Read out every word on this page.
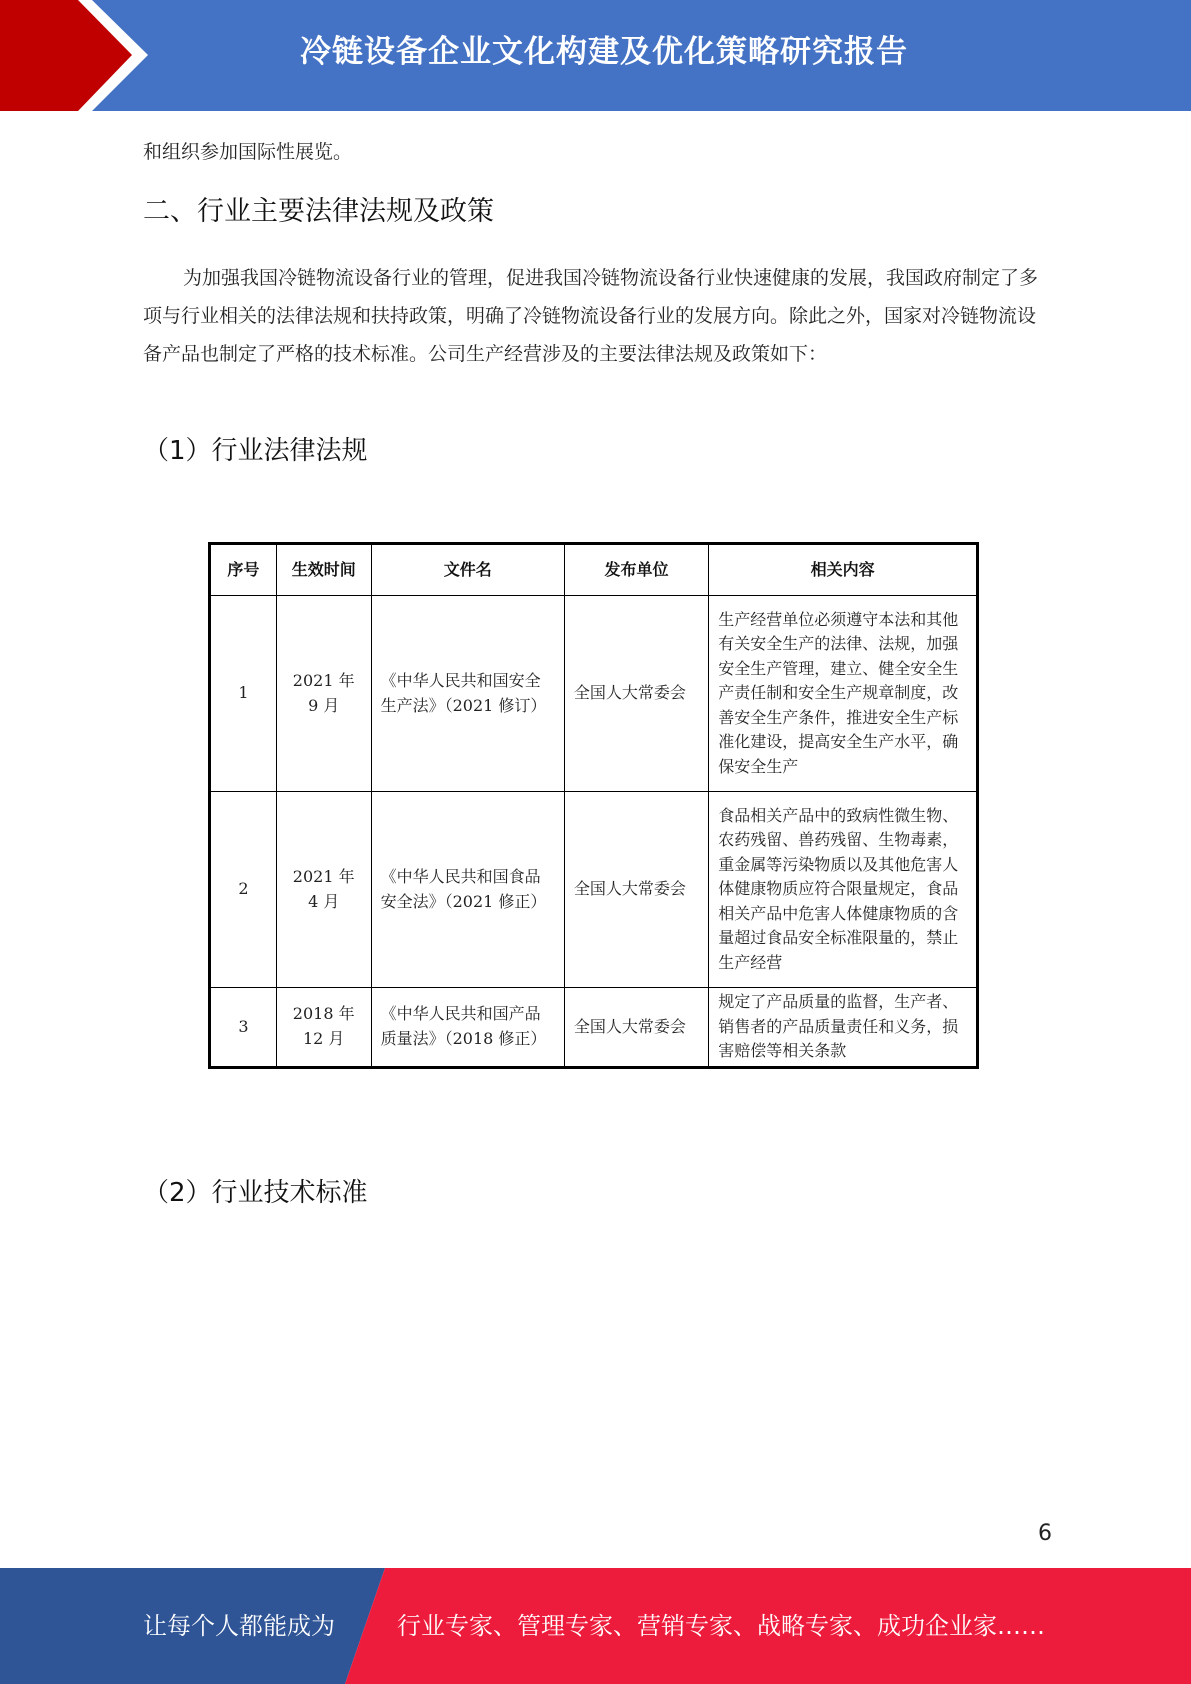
冷链设备企业文化构建及优化策略研究报告
和组织参加国际性展览。
二、行业主要法律法规及政策
为加强我国冷链物流设备行业的管理，促进我国冷链物流设备行业快速健康的发展，我国政府制定了多项与行业相关的法律法规和扶持政策，明确了冷链物流设备行业的发展方向。除此之外，国家对冷链物流设备产品也制定了严格的技术标准。公司生产经营涉及的主要法律法规及政策如下：
（1）行业法律法规
序号	生效时间	文件名	发布单位	相关内容
1	2021 年 9 月	《中华人民共和国安全生产法》（2021 修订）	全国人大常委会	生产经营单位必须遵守本法和其他有关安全生产的法律、法规，加强安全生产管理，建立、健全安全生产责任制和安全生产规章制度，改善安全生产条件，推进安全生产标准化建设，提高安全生产水平，确保安全生产
2	2021 年 4 月	《中华人民共和国食品安全法》（2021 修正）	全国人大常委会	食品相关产品中的致病性微生物、农药残留、兽药残留、生物毒素，重金属等污染物质以及其他危害人体健康物质应符合限量规定，食品相关产品中危害人体健康物质的含量超过食品安全标准限量的，禁止生产经营
3	2018 年 12 月	《中华人民共和国产品质量法》（2018 修正）	全国人大常委会	规定了产品质量的监督，生产者、销售者的产品质量责任和义务，损害赔偿等相关条款
（2）行业技术标准
6
让每个人都能成为	行业专家、管理专家、营销专家、战略专家、成功企业家……
